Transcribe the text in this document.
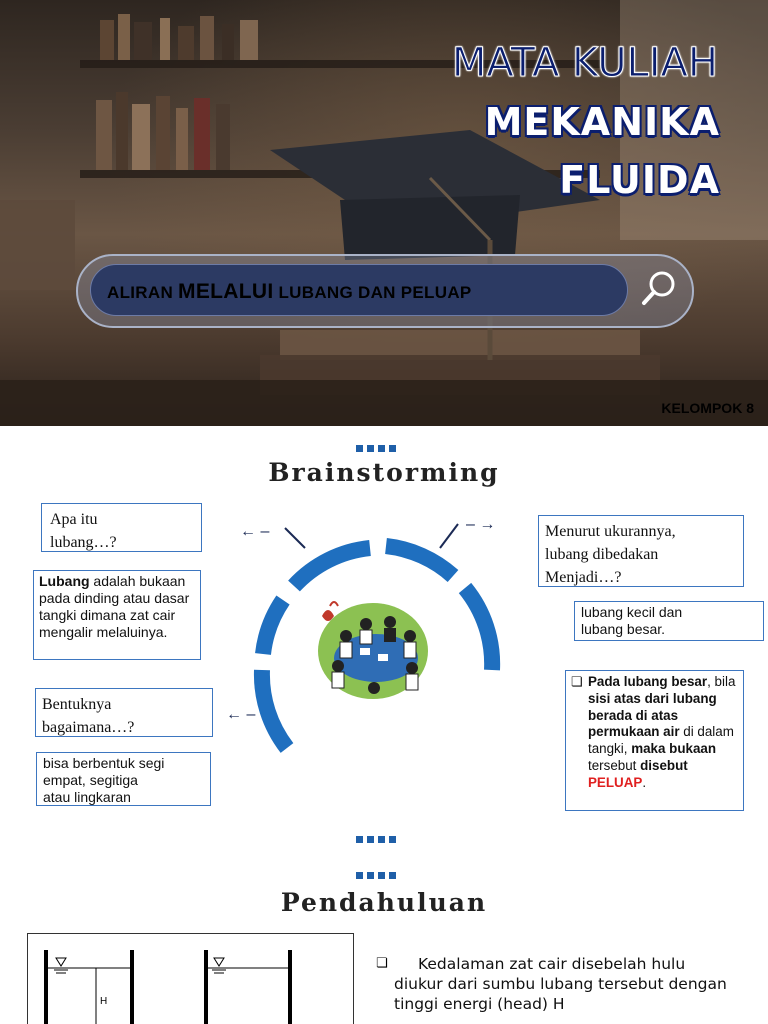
MATA KULIAH
MEKANIKA
FLUIDA
ALIRAN MELALUI LUBANG DAN PELUAP
KELOMPOK 8
Brainstorming
← –	– →
← –
Apa itu
lubang…?
Lubang adalah bukaan pada dinding atau dasar tangki dimana zat cair mengalir melaluinya.
Bentuknya
bagaimana…?
bisa berbentuk segi
empat, segitiga
atau lingkaran
Menurut ukurannya,
lubang dibedakan
Menjadi…?
lubang kecil dan
lubang besar.
❏ Pada lubang besar, bila sisi atas dari lubang berada di atas permukaan air di dalam tangki, maka bukaan tersebut disebut PELUAP.
Pendahuluan
H
❏	Kedalaman zat cair disebelah hulu diukur dari sumbu lubang tersebut dengan tinggi energi (head) H
